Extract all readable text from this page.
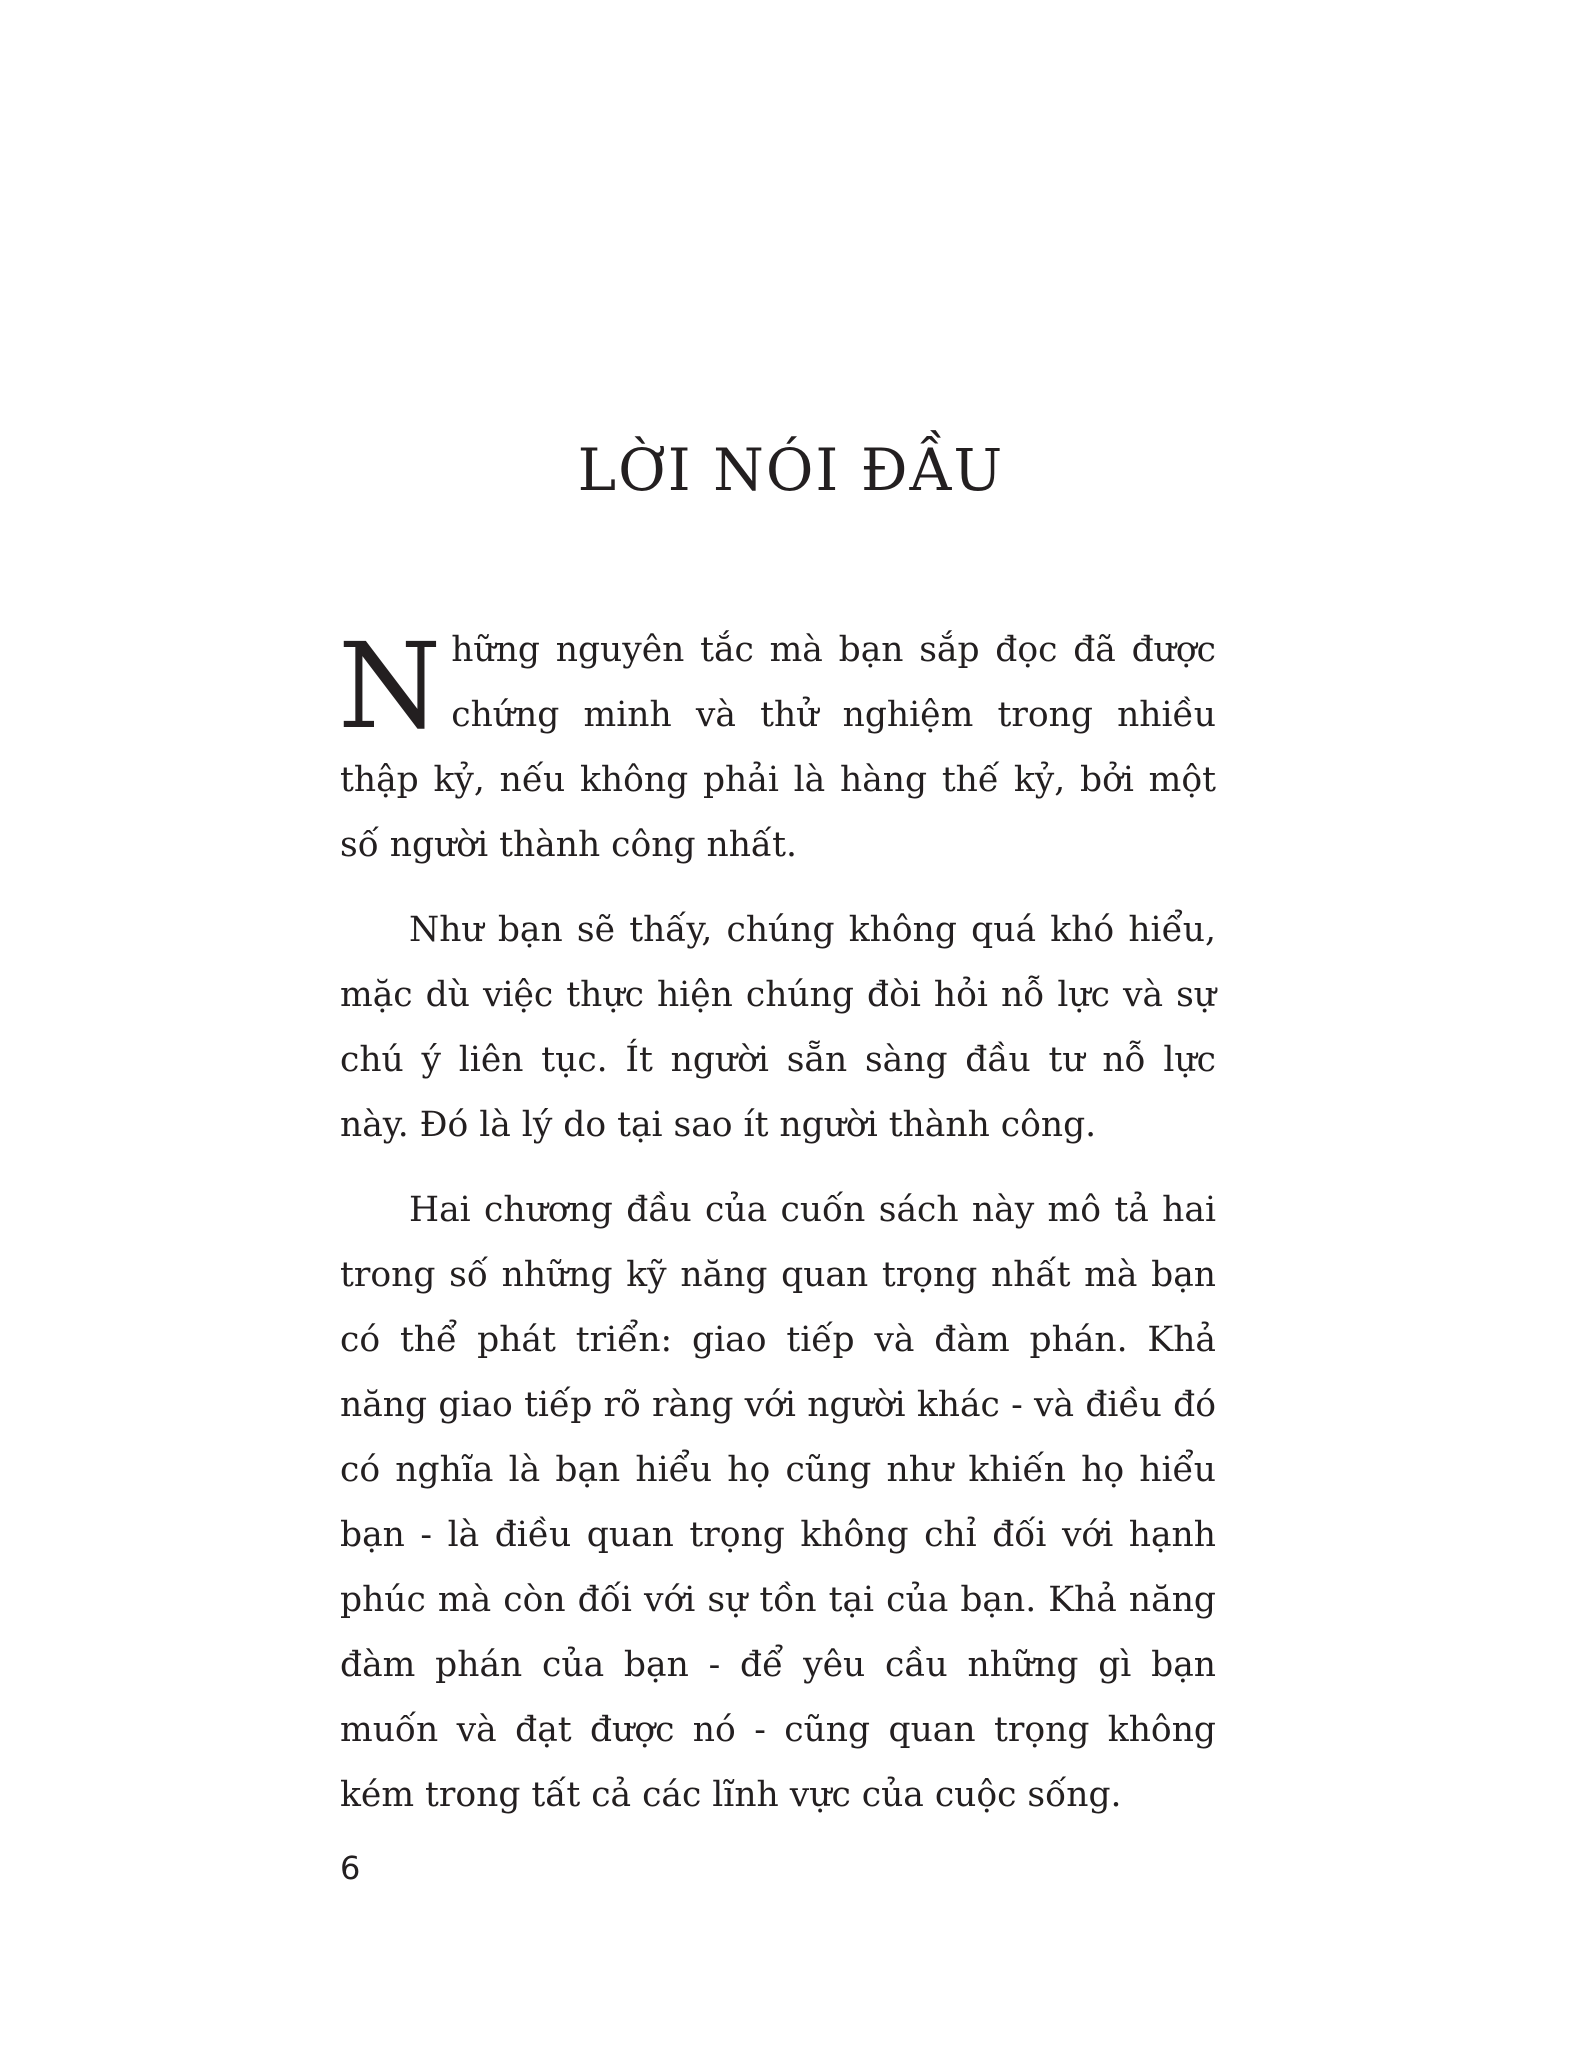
LỜI NÓI ĐẦU

Những nguyên tắc mà bạn sắp đọc đã được chứng minh và thử nghiệm trong nhiều thập kỷ, nếu không phải là hàng thế kỷ, bởi một số người thành công nhất.

Như bạn sẽ thấy, chúng không quá khó hiểu, mặc dù việc thực hiện chúng đòi hỏi nỗ lực và sự chú ý liên tục. Ít người sẵn sàng đầu tư nỗ lực này. Đó là lý do tại sao ít người thành công.

Hai chương đầu của cuốn sách này mô tả hai trong số những kỹ năng quan trọng nhất mà bạn có thể phát triển: giao tiếp và đàm phán. Khả năng giao tiếp rõ ràng với người khác - và điều đó có nghĩa là bạn hiểu họ cũng như khiến họ hiểu bạn - là điều quan trọng không chỉ đối với hạnh phúc mà còn đối với sự tồn tại của bạn. Khả năng đàm phán của bạn - để yêu cầu những gì bạn muốn và đạt được nó - cũng quan trọng không kém trong tất cả các lĩnh vực của cuộc sống.

6
